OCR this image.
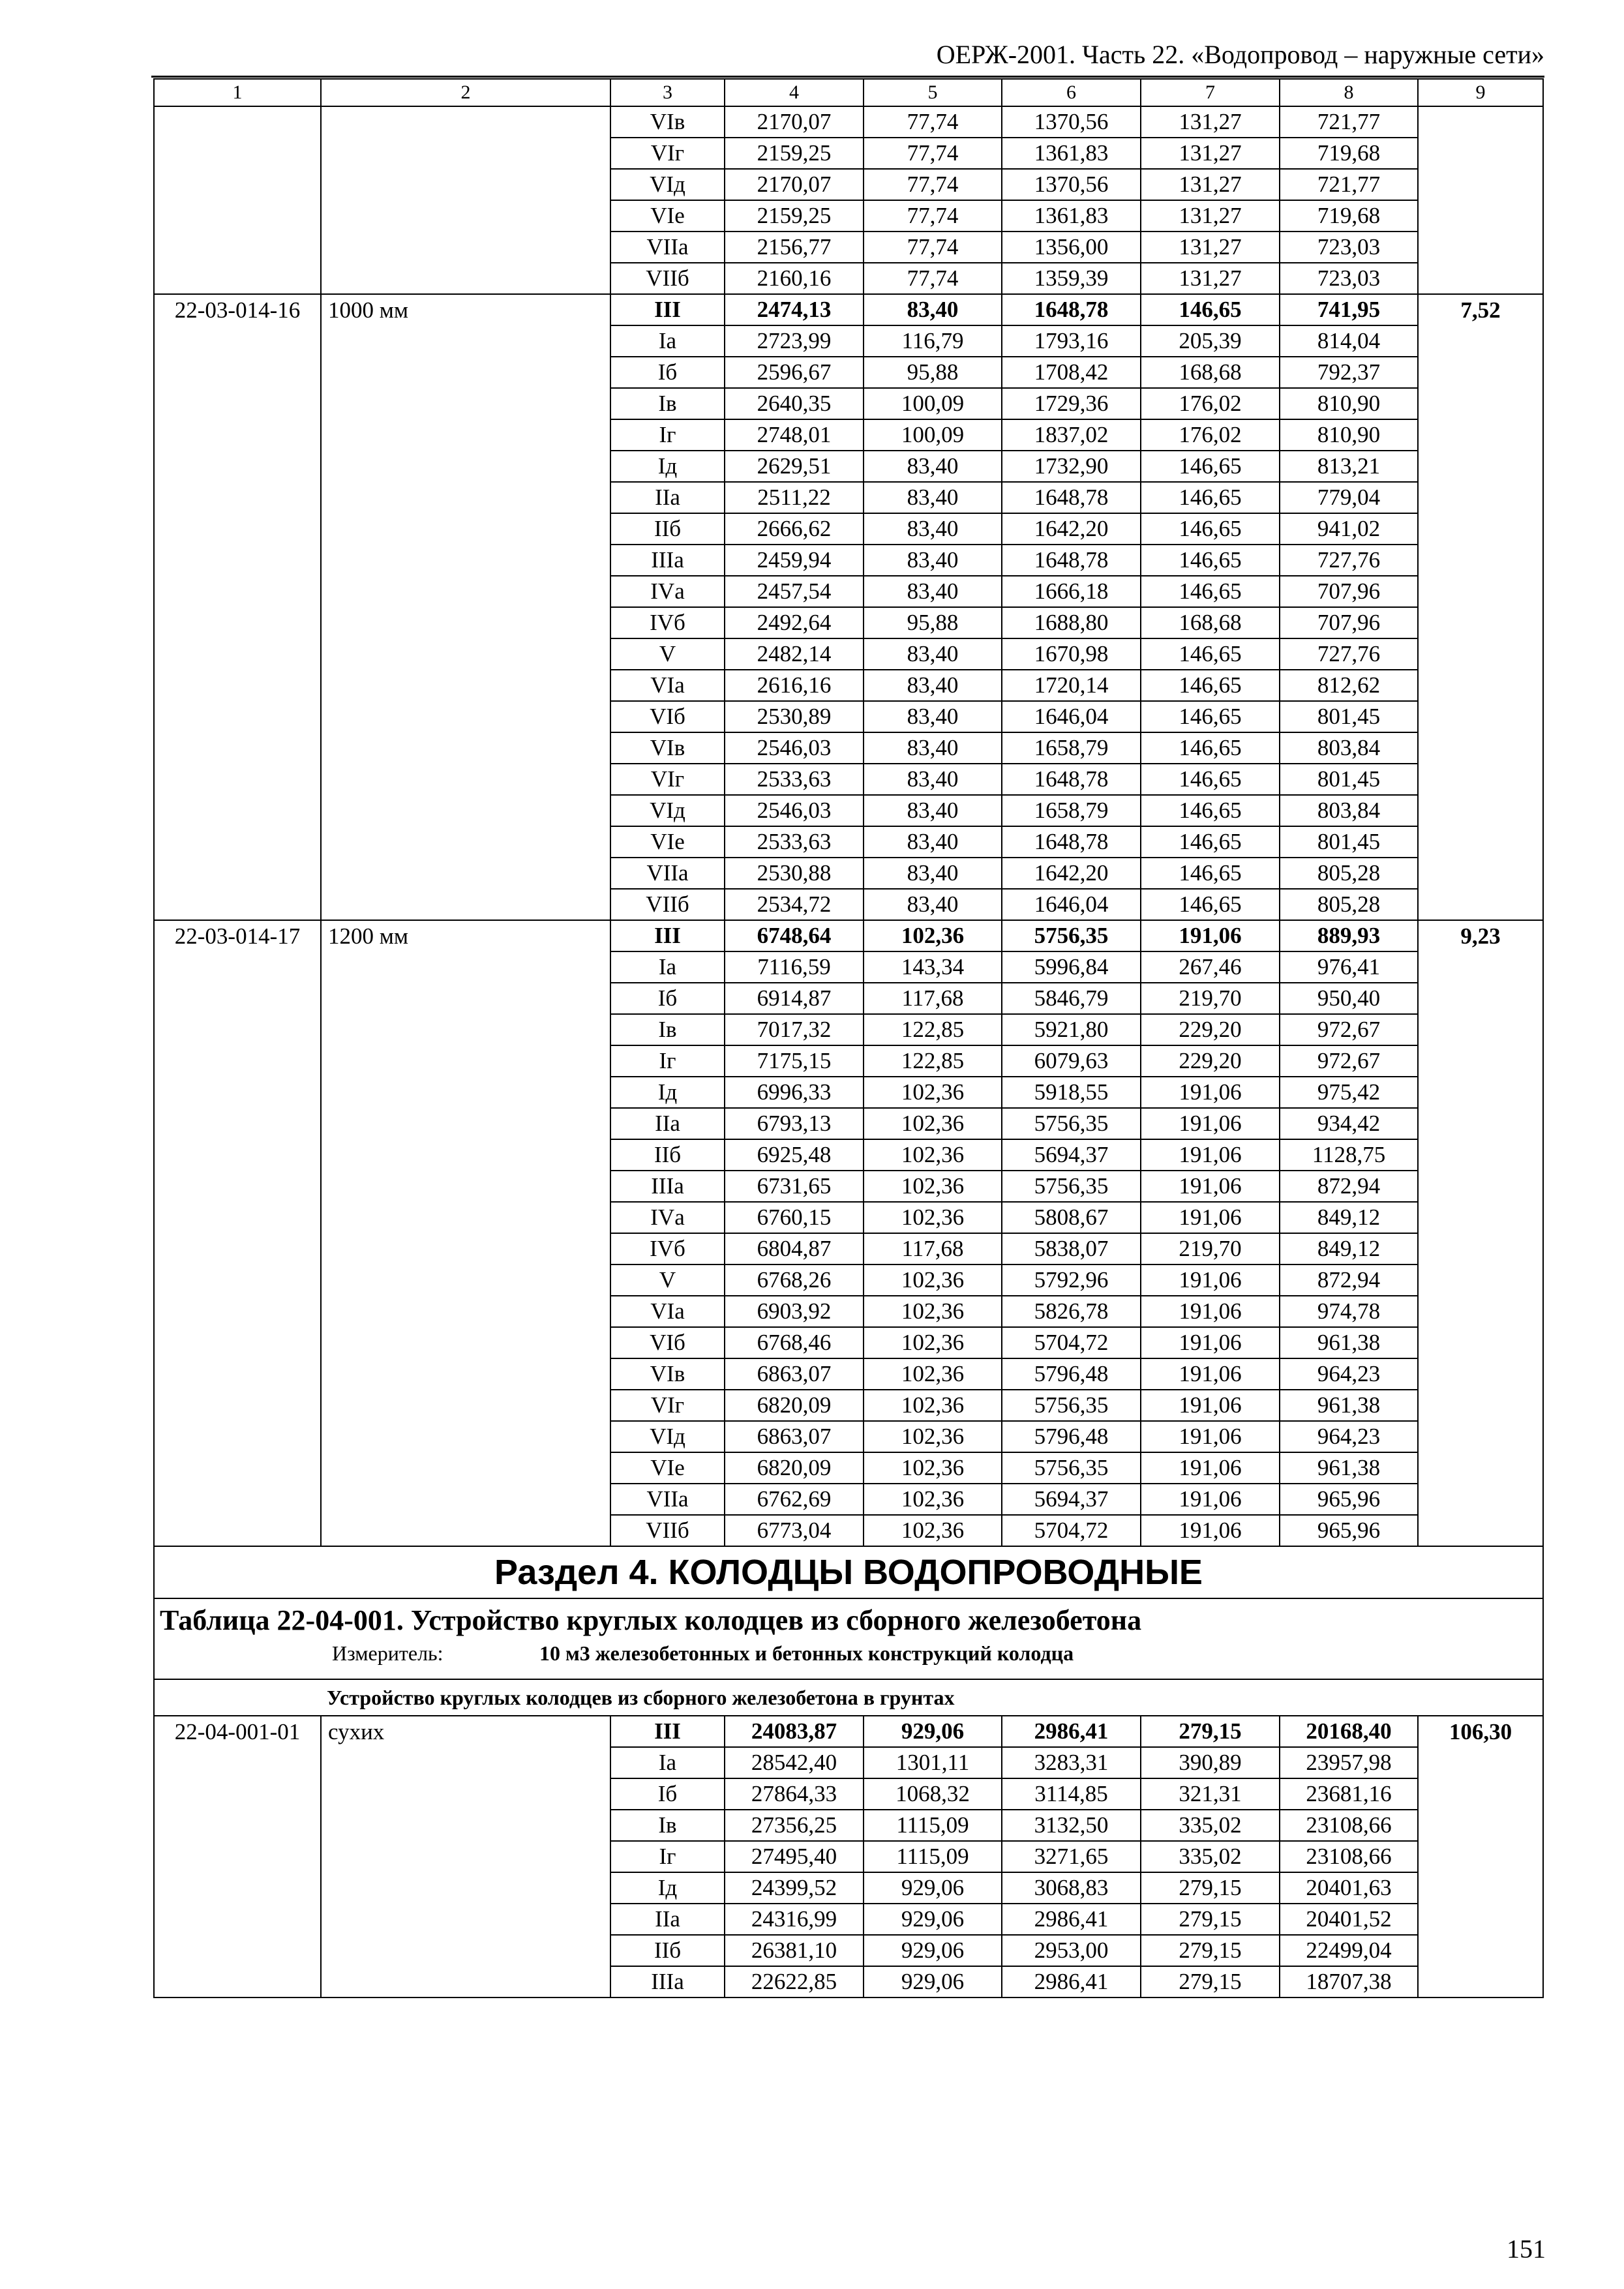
ОЕРЖ-2001. Часть 22. «Водопровод – наружные сети»
1	2	3	4	5	6	7	8	9
		VIв	2170,07	77,74	1370,56	131,27	721,77	
		VIг	2159,25	77,74	1361,83	131,27	719,68	
		VIд	2170,07	77,74	1370,56	131,27	721,77	
		VIе	2159,25	77,74	1361,83	131,27	719,68	
		VIIа	2156,77	77,74	1356,00	131,27	723,03	
		VIIб	2160,16	77,74	1359,39	131,27	723,03	
22-03-014-16	1000 мм	III	2474,13	83,40	1648,78	146,65	741,95	7,52
		Iа	2723,99	116,79	1793,16	205,39	814,04	
		Iб	2596,67	95,88	1708,42	168,68	792,37	
		Iв	2640,35	100,09	1729,36	176,02	810,90	
		Iг	2748,01	100,09	1837,02	176,02	810,90	
		Iд	2629,51	83,40	1732,90	146,65	813,21	
		IIа	2511,22	83,40	1648,78	146,65	779,04	
		IIб	2666,62	83,40	1642,20	146,65	941,02	
		IIIа	2459,94	83,40	1648,78	146,65	727,76	
		IVа	2457,54	83,40	1666,18	146,65	707,96	
		IVб	2492,64	95,88	1688,80	168,68	707,96	
		V	2482,14	83,40	1670,98	146,65	727,76	
		VIа	2616,16	83,40	1720,14	146,65	812,62	
		VIб	2530,89	83,40	1646,04	146,65	801,45	
		VIв	2546,03	83,40	1658,79	146,65	803,84	
		VIг	2533,63	83,40	1648,78	146,65	801,45	
		VIд	2546,03	83,40	1658,79	146,65	803,84	
		VIе	2533,63	83,40	1648,78	146,65	801,45	
		VIIа	2530,88	83,40	1642,20	146,65	805,28	
		VIIб	2534,72	83,40	1646,04	146,65	805,28	
22-03-014-17	1200 мм	III	6748,64	102,36	5756,35	191,06	889,93	9,23
		Iа	7116,59	143,34	5996,84	267,46	976,41	
		Iб	6914,87	117,68	5846,79	219,70	950,40	
		Iв	7017,32	122,85	5921,80	229,20	972,67	
		Iг	7175,15	122,85	6079,63	229,20	972,67	
		Iд	6996,33	102,36	5918,55	191,06	975,42	
		IIа	6793,13	102,36	5756,35	191,06	934,42	
		IIб	6925,48	102,36	5694,37	191,06	1128,75	
		IIIа	6731,65	102,36	5756,35	191,06	872,94	
		IVа	6760,15	102,36	5808,67	191,06	849,12	
		IVб	6804,87	117,68	5838,07	219,70	849,12	
		V	6768,26	102,36	5792,96	191,06	872,94	
		VIа	6903,92	102,36	5826,78	191,06	974,78	
		VIб	6768,46	102,36	5704,72	191,06	961,38	
		VIв	6863,07	102,36	5796,48	191,06	964,23	
		VIг	6820,09	102,36	5756,35	191,06	961,38	
		VIд	6863,07	102,36	5796,48	191,06	964,23	
		VIе	6820,09	102,36	5756,35	191,06	961,38	
		VIIа	6762,69	102,36	5694,37	191,06	965,96	
		VIIб	6773,04	102,36	5704,72	191,06	965,96	
Раздел 4. КОЛОДЦЫ ВОДОПРОВОДНЫЕ								

Таблица 22-04-001. Устройство круглых колодцев из сборного железобетона
Измеритель: 10 м3 железобетонных и бетонных конструкций колодца								

Устройство круглых колодцев из сборного железобетона в грунтах								
22-04-001-01	сухих	III	24083,87	929,06	2986,41	279,15	20168,40	106,30
		Iа	28542,40	1301,11	3283,31	390,89	23957,98	
		Iб	27864,33	1068,32	3114,85	321,31	23681,16	
		Iв	27356,25	1115,09	3132,50	335,02	23108,66	
		Iг	27495,40	1115,09	3271,65	335,02	23108,66	
		Iд	24399,52	929,06	3068,83	279,15	20401,63	
		IIа	24316,99	929,06	2986,41	279,15	20401,52	
		IIб	26381,10	929,06	2953,00	279,15	22499,04	
		IIIа	22622,85	929,06	2986,41	279,15	18707,38	
151
